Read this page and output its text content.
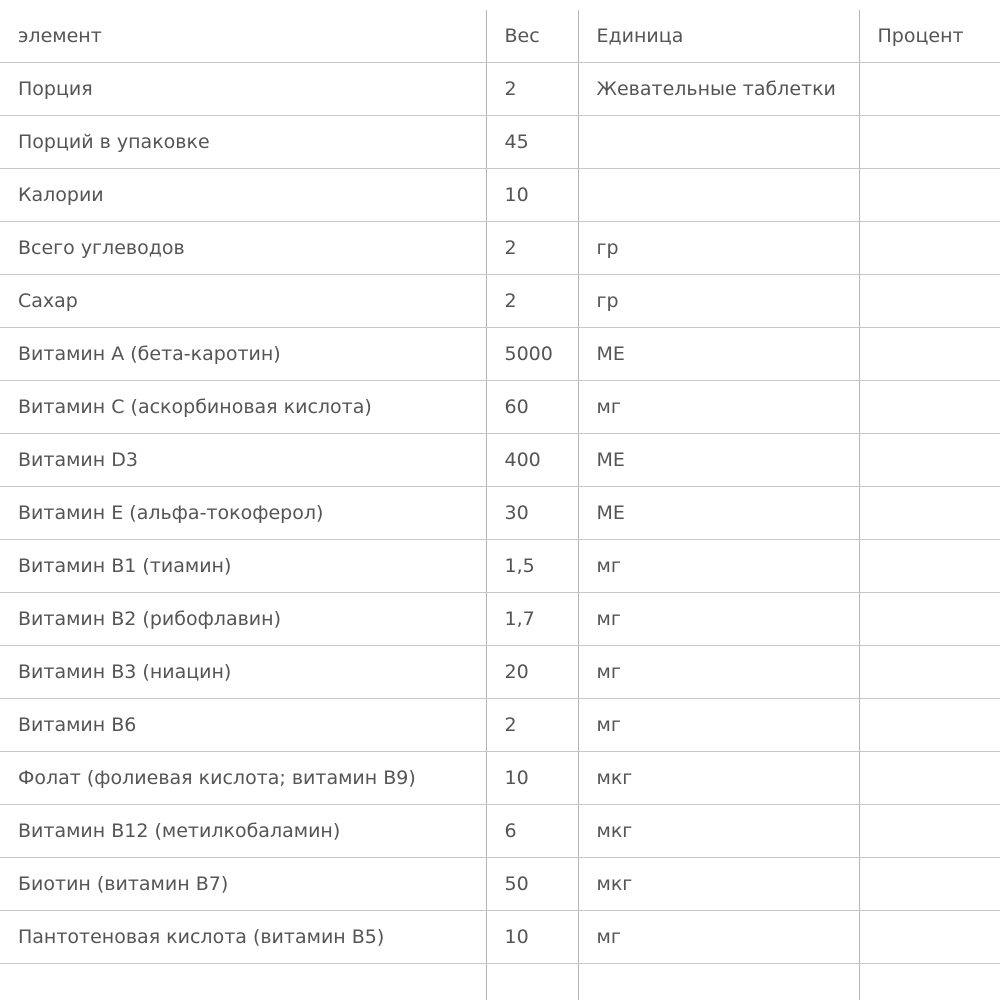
элемент	Вес	Единица	Процент
Порция	2	Жевательные таблетки	
Порций в упаковке	45		
Калории	10		
Всего углеводов	2	гр	
Сахар	2	гр	
Витамин А (бета-каротин)	5000	МЕ	
Витамин С (аскорбиновая кислота)	60	мг	
Витамин D3	400	МЕ	
Витамин Е (альфа-токоферол)	30	МЕ	
Витамин В1 (тиамин)	1,5	мг	
Витамин В2 (рибофлавин)	1,7	мг	
Витамин В3 (ниацин)	20	мг	
Витамин В6	2	мг	
Фолат (фолиевая кислота; витамин В9)	10	мкг	
Витамин В12 (метилкобаламин)	6	мкг	
Биотин (витамин В7)	50	мкг	
Пантотеновая кислота (витамин В5)	10	мг	
